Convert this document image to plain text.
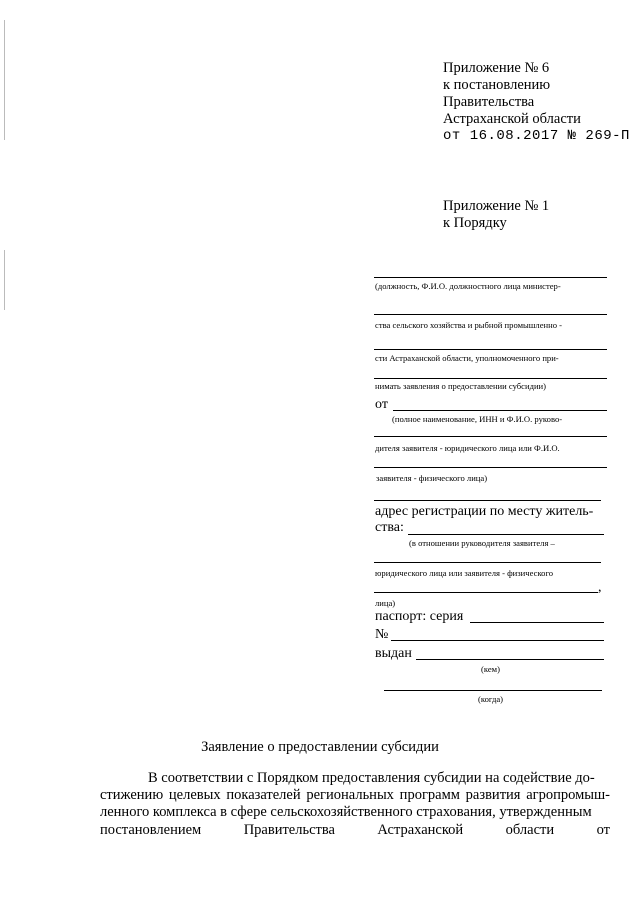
Приложение № 6
к постановлению
Правительства
Астраханской области
от 16.08.2017 № 269-П
Приложение № 1
к Порядку
(должность, Ф.И.О. должностного лица министер-
ства сельского хозяйства и рыбной промышленно -
сти Астраханской области, уполномоченного при-
нимать заявления о предоставлении субсидии)
от
(полное наименование, ИНН и Ф.И.О. руково-
дителя заявителя - юридического лица или Ф.И.О.
заявителя - физического лица)
адрес регистрации по месту житель-
ства:
(в отношении руководителя заявителя –
юридического лица или заявителя - физического
,
лица)
паспорт: серия
№
выдан
(кем)
(когда)
Заявление о предоставлении субсидии

В соответствии с Порядком предоставления субсидии на содействие до-

стижению целевых показателей региональных программ развития агропромыш-ленного комплекса в сфере сельскохозяйственного страхования, утвержденным

постановлением Правительства Астраханской области от
